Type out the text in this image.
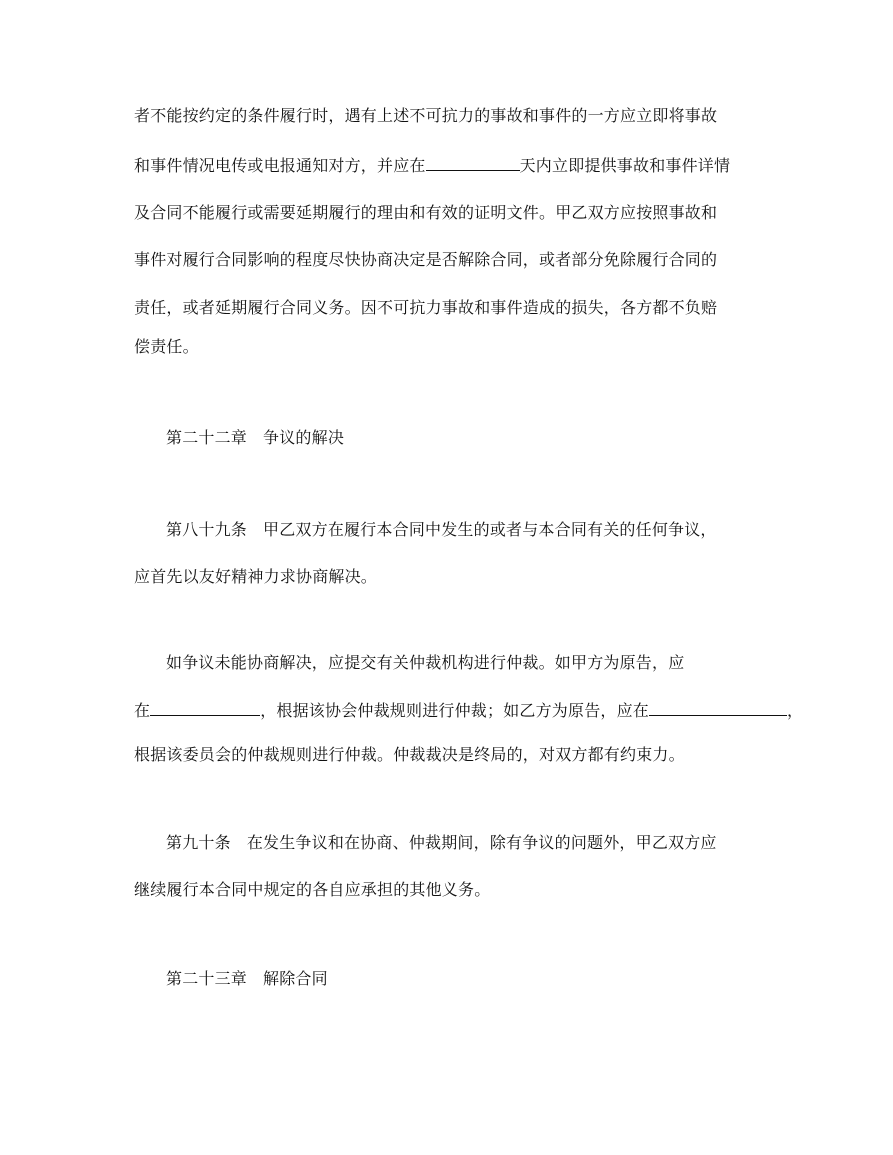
者不能按约定的条件履行时，遇有上述不可抗力的事故和事件的一方应立即将事故
和事件情况电传或电报通知对方，并应在	天内立即提供事故和事件详情
及合同不能履行或需要延期履行的理由和有效的证明文件。甲乙双方应按照事故和
事件对履行合同影响的程度尽快协商决定是否解除合同，或者部分免除履行合同的
责任，或者延期履行合同义务。因不可抗力事故和事件造成的损失，各方都不负赔
偿责任。
第二十二章 争议的解决
第八十九条 甲乙双方在履行本合同中发生的或者与本合同有关的任何争议，
应首先以友好精神力求协商解决。
如争议未能协商解决，应提交有关仲裁机构进行仲裁。如甲方为原告，应
在	，根据该协会仲裁规则进行仲裁；如乙方为原告，应在	，
根据该委员会的仲裁规则进行仲裁。仲裁裁决是终局的，对双方都有约束力。
第九十条 在发生争议和在协商、仲裁期间，除有争议的问题外，甲乙双方应
继续履行本合同中规定的各自应承担的其他义务。
第二十三章 解除合同
